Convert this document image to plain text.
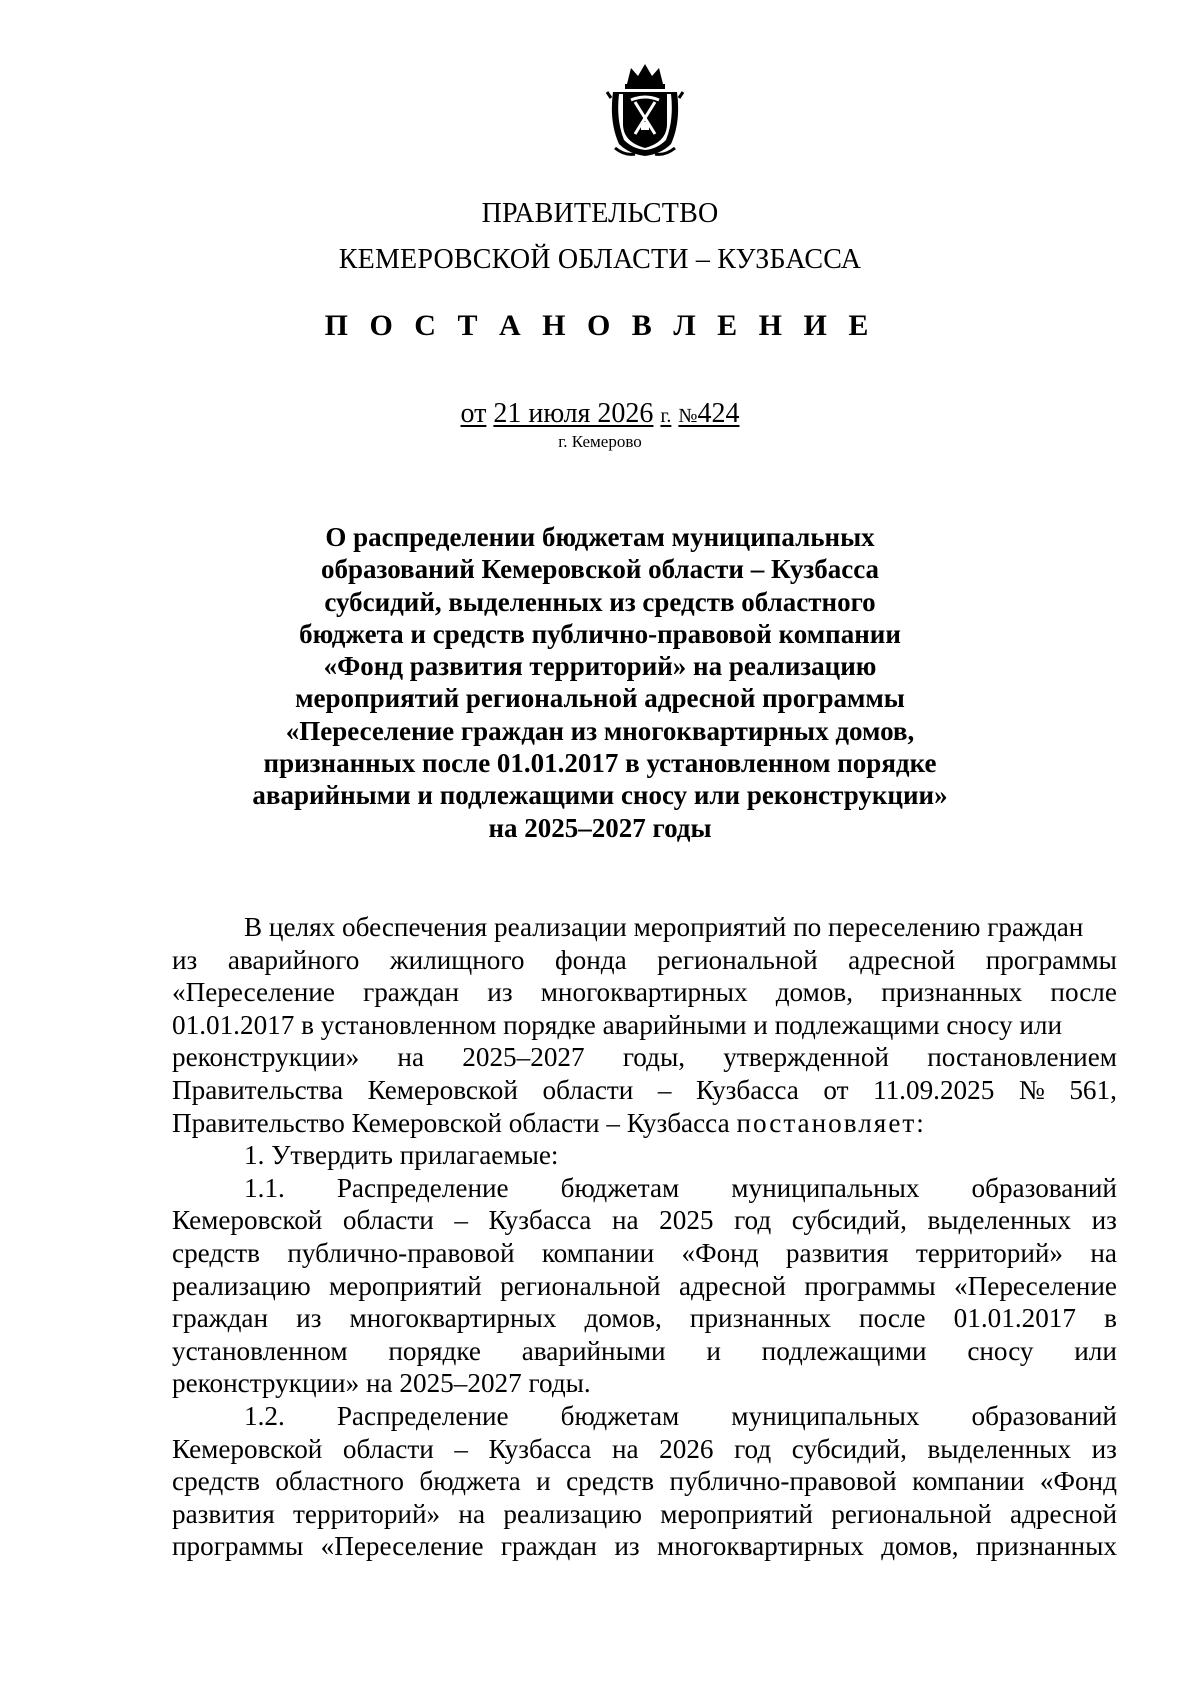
ПРАВИТЕЛЬСТВО
КЕМЕРОВСКОЙ ОБЛАСТИ – КУЗБАССА
П О С Т А Н О В Л Е Н И Е
от 21 июля 2026 г. №424
г. Кемерово
О распределении бюджетам муниципальных
образований Кемеровской области – Кузбасса
субсидий, выделенных из средств областного
бюджета и средств публично-правовой компании
«Фонд развития территорий» на реализацию
мероприятий региональной адресной программы
«Переселение граждан из многоквартирных домов,
признанных после 01.01.2017 в установленном порядке
аварийными и подлежащими сносу или реконструкции»
на 2025–2027 годы
В целях обеспечения реализации мероприятий по переселению граждан
из аварийного жилищного фонда региональной адресной программы
«Переселение граждан из многоквартирных домов, признанных после
01.01.2017 в установленном порядке аварийными и подлежащими сносу или
реконструкции» на 2025–2027 годы, утвержденной постановлением
Правительства Кемеровской области – Кузбасса от 11.09.2025 № 561,
Правительство Кемеровской области – Кузбасса постановляет:
1. Утвердить прилагаемые:
1.1. Распределение бюджетам муниципальных образований
Кемеровской области – Кузбасса на 2025 год субсидий, выделенных из
средств публично-правовой компании «Фонд развития территорий» на
реализацию мероприятий региональной адресной программы «Переселение
граждан из многоквартирных домов, признанных после 01.01.2017 в
установленном порядке аварийными и подлежащими сносу или
реконструкции» на 2025–2027 годы.
1.2. Распределение бюджетам муниципальных образований
Кемеровской области – Кузбасса на 2026 год субсидий, выделенных из
средств областного бюджета и средств публично-правовой компании «Фонд
развития территорий» на реализацию мероприятий региональной адресной
программы «Переселение граждан из многоквартирных домов, признанных
